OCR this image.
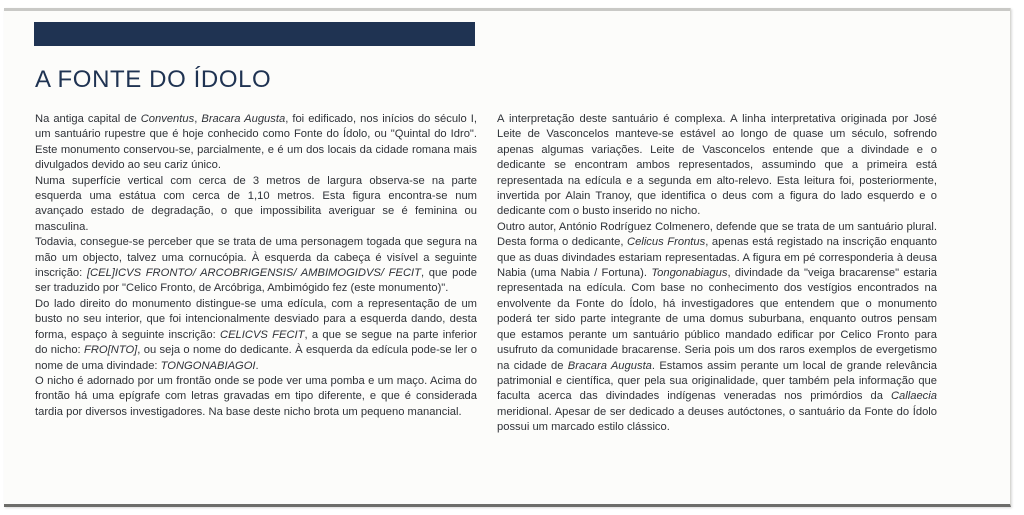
A FONTE DO ÍDOLO

Na antiga capital de Conventus, Bracara Augusta, foi edificado, nos inícios do século I, um santuário rupestre que é hoje conhecido como Fonte do Ídolo, ou "Quintal do Idro". Este monumento conservou-se, parcialmente, e é um dos locais da cidade romana mais divulgados devido ao seu cariz único.

Numa superfície vertical com cerca de 3 metros de largura observa-se na parte esquerda uma estátua com cerca de 1,10 metros. Esta figura encontra-se num avançado estado de degradação, o que impossibilita averiguar se é feminina ou masculina.

Todavia, consegue-se perceber que se trata de uma personagem togada que segura na mão um objecto, talvez uma cornucópia. À esquerda da cabeça é visível a seguinte inscrição: [CEL]ICVS FRONTO/ ARCOBRIGENSIS/ AMBIMOGIDVS/ FECIT, que pode ser traduzido por "Celico Fronto, de Arcóbriga, Ambimógido fez (este monumento)".

Do lado direito do monumento distingue-se uma edícula, com a representação de um busto no seu interior, que foi intencionalmente desviado para a esquerda dando, desta forma, espaço à seguinte inscrição: CELICVS FECIT, a que se segue na parte inferior do nicho: FRO[NTO], ou seja o nome do dedicante. À esquerda da edícula pode-se ler o nome de uma divindade: TONGONABIAGOI.

O nicho é adornado por um frontão onde se pode ver uma pomba e um maço. Acima do frontão há uma epígrafe com letras gravadas em tipo diferente, e que é considerada tardia por diversos investigadores. Na base deste nicho brota um pequeno manancial.

A interpretação deste santuário é complexa. A linha interpretativa originada por José Leite de Vasconcelos manteve-se estável ao longo de quase um século, sofrendo apenas algumas variações. Leite de Vasconcelos entende que a divindade e o dedicante se encontram ambos representados, assumindo que a primeira está representada na edícula e a segunda em alto-relevo. Esta leitura foi, posteriormente, invertida por Alain Tranoy, que identifica o deus com a figura do lado esquerdo e o dedicante com o busto inserido no nicho.

Outro autor, António Rodríguez Colmenero, defende que se trata de um santuário plural. Desta forma o dedicante, Celicus Frontus, apenas está registado na inscrição enquanto que as duas divindades estariam representadas. A figura em pé corresponderia à deusa Nabia (uma Nabia / Fortuna). Tongonabiagus, divindade da "veiga bracarense" estaria representada na edícula. Com base no conhecimento dos vestígios encontrados na envolvente da Fonte do Ídolo, há investigadores que entendem que o monumento poderá ter sido parte integrante de uma domus suburbana, enquanto outros pensam que estamos perante um santuário público mandado edificar por Celico Fronto para usufruto da comunidade bracarense. Seria pois um dos raros exemplos de evergetismo na cidade de Bracara Augusta. Estamos assim perante um local de grande relevância patrimonial e científica, quer pela sua originalidade, quer também pela informação que faculta acerca das divindades indígenas veneradas nos primórdios da Callaecia meridional. Apesar de ser dedicado a deuses autóctones, o santuário da Fonte do Ídolo possui um marcado estilo clássico.
